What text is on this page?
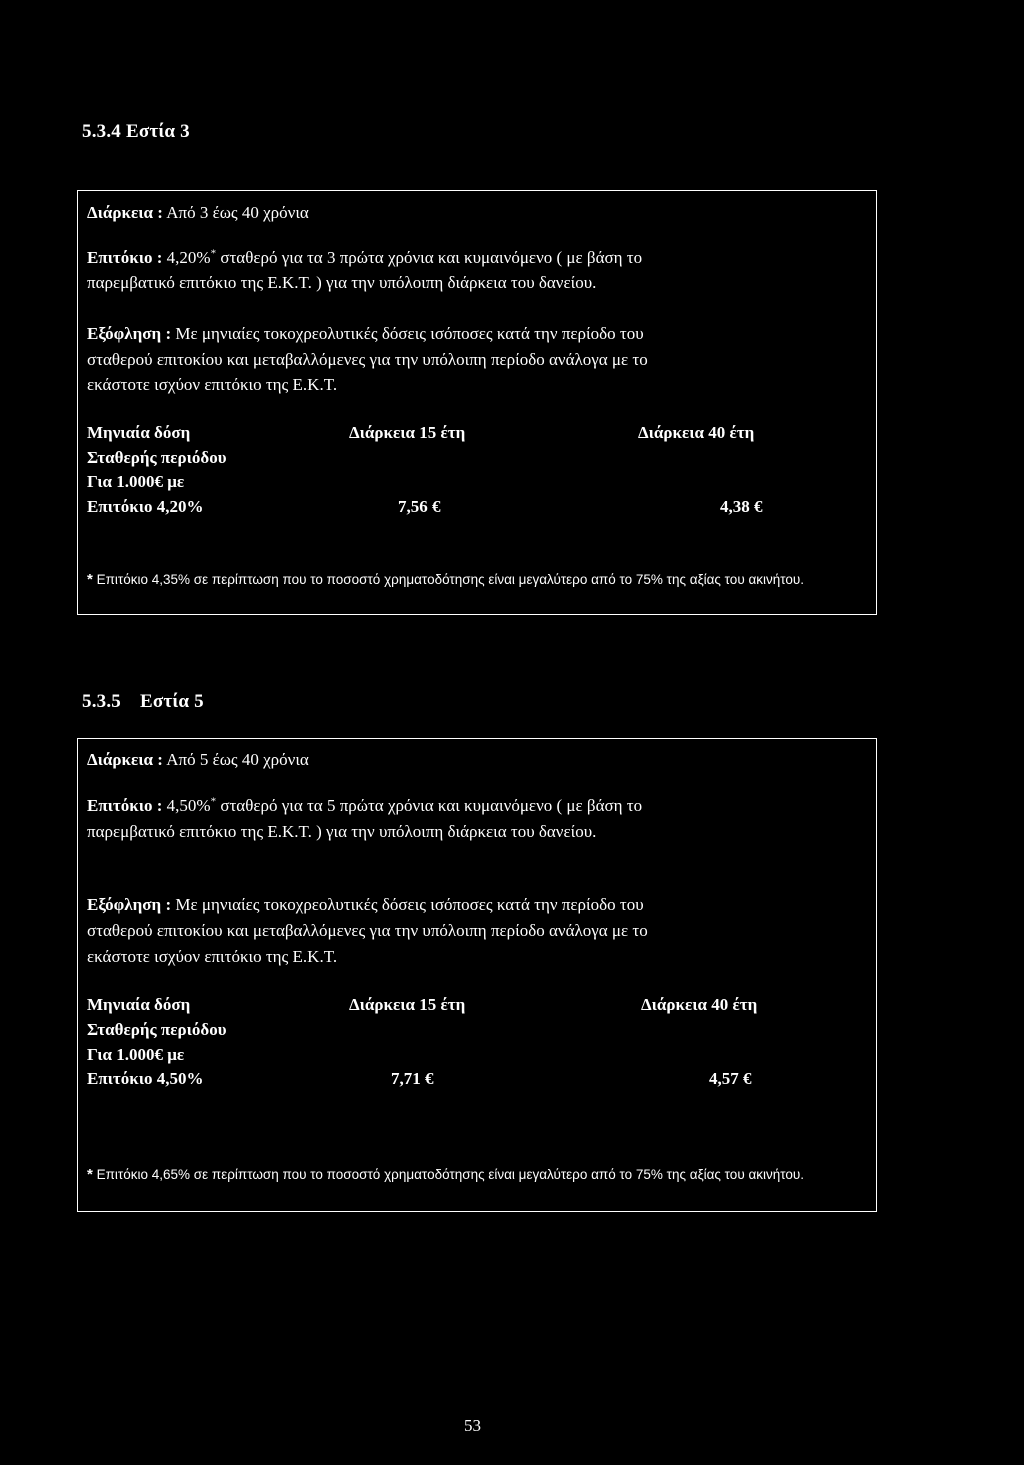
5.3.4 Εστία 3
Διάρκεια : Από 3 έως 40 χρόνια
Επιτόκιο : 4,20%* σταθερό για τα 3 πρώτα χρόνια και κυμαινόμενο ( με βάση το
παρεμβατικό επιτόκιο της Ε.Κ.Τ. ) για την υπόλοιπη διάρκεια του δανείου.
Εξόφληση : Με μηνιαίες τοκοχρεολυτικές δόσεις ισόποσες κατά την περίοδο του
σταθερού επιτοκίου και μεταβαλλόμενες για την υπόλοιπη περίοδο ανάλογα με το
εκάστοτε ισχύον επιτόκιο της Ε.Κ.Τ.
Μηνιαία δόση	Διάρκεια 15 έτη	Διάρκεια 40 έτη
Σταθερής περιόδου
Για 1.000€ με
Επιτόκιο 4,20%	7,56 €	4,38 €
* Επιτόκιο 4,35% σε περίπτωση που το ποσοστό χρηματοδότησης είναι μεγαλύτερο από το 75% της αξίας του ακινήτου.
5.3.5 Εστία 5
Διάρκεια : Από 5 έως 40 χρόνια
Επιτόκιο : 4,50%* σταθερό για τα 5 πρώτα χρόνια και κυμαινόμενο ( με βάση το
παρεμβατικό επιτόκιο της Ε.Κ.Τ. ) για την υπόλοιπη διάρκεια του δανείου.
Εξόφληση : Με μηνιαίες τοκοχρεολυτικές δόσεις ισόποσες κατά την περίοδο του
σταθερού επιτοκίου και μεταβαλλόμενες για την υπόλοιπη περίοδο ανάλογα με το
εκάστοτε ισχύον επιτόκιο της Ε.Κ.Τ.
Μηνιαία δόση	Διάρκεια 15 έτη	Διάρκεια 40 έτη
Σταθερής περιόδου
Για 1.000€ με
Επιτόκιο 4,50%	7,71 €	4,57 €
* Επιτόκιο 4,65% σε περίπτωση που το ποσοστό χρηματοδότησης είναι μεγαλύτερο από το 75% της αξίας του ακινήτου.
53
